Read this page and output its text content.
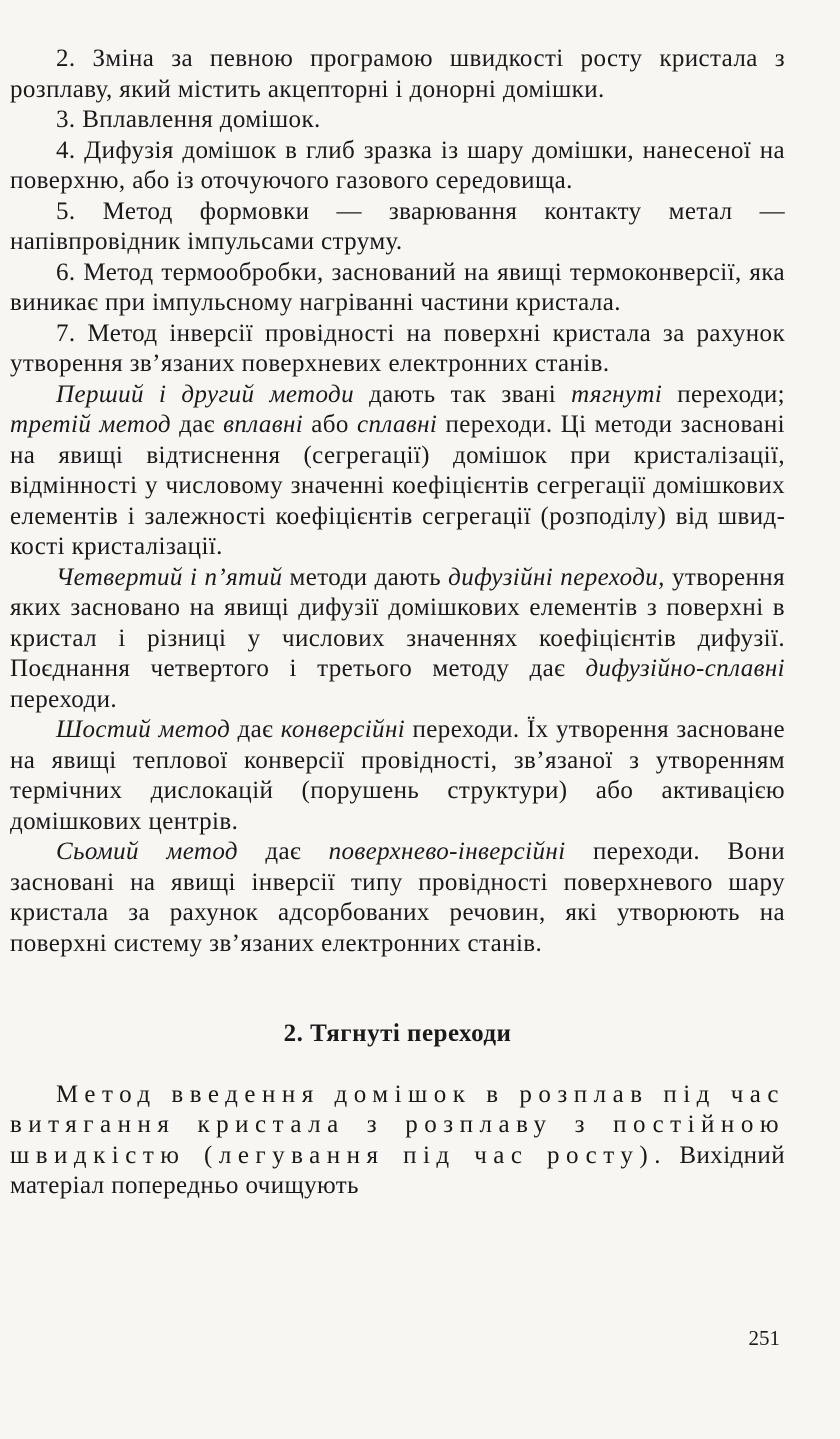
2. Зміна за певною програмою швидкості росту кристала з розплаву, який містить акцепторні і донорні домішки.

3. Вплавлення домішок.

4. Дифузія домішок в глиб зразка із шару домішки, нанесеної на поверхню, або із оточуючого газового середовища.

5. Метод формовки — зварювання контакту метал — напівпровідник імпульсами струму.

6. Метод термообробки, заснований на явищі термоконверсії, яка виникає при імпульсному нагріванні частини кристала.

7. Метод інверсії провідності на поверхні кристала за рахунок утворення зв’язаних поверхневих електронних станів.

Перший і другий методи дають так звані тягнуті переходи; третій метод дає вплавні або сплавні переходи. Ці методи засновані на явищі відтиснення (сегрегації) домішок при кристалізації, відмінності у числовому значенні коефіцієнтів сегрегації домішкових елементів і залежності коефіцієнтів сегрегації (розподілу) від швидкості кристалізації.

Четвертий і п’ятий методи дають дифузійні переходи, утворення яких засновано на явищі дифузії домішкових елементів з поверхні в кристал і різниці у числових значеннях коефіцієнтів дифузії. Поєднання четвертого і третього методу дає дифузійно-сплавні переходи.

Шостий метод дає конверсійні переходи. Їх утворення засноване на явищі теплової конверсії провідності, зв’язаної з утворенням термічних дислокацій (порушень структури) або активацією домішкових центрів.

Сьомий метод дає поверхнево-інверсійні переходи. Вони засновані на явищі інверсії типу провідності поверхневого шару кристала за рахунок адсорбованих речовин, які утворюють на поверхні систему зв’язаних електронних станів.

2. Тягнуті переходи

Метод введення домішок в розплав під час витягання кристала з розплаву з постійною швидкістю (легування під час росту). Вихідний матеріал попередньо очищують

251
